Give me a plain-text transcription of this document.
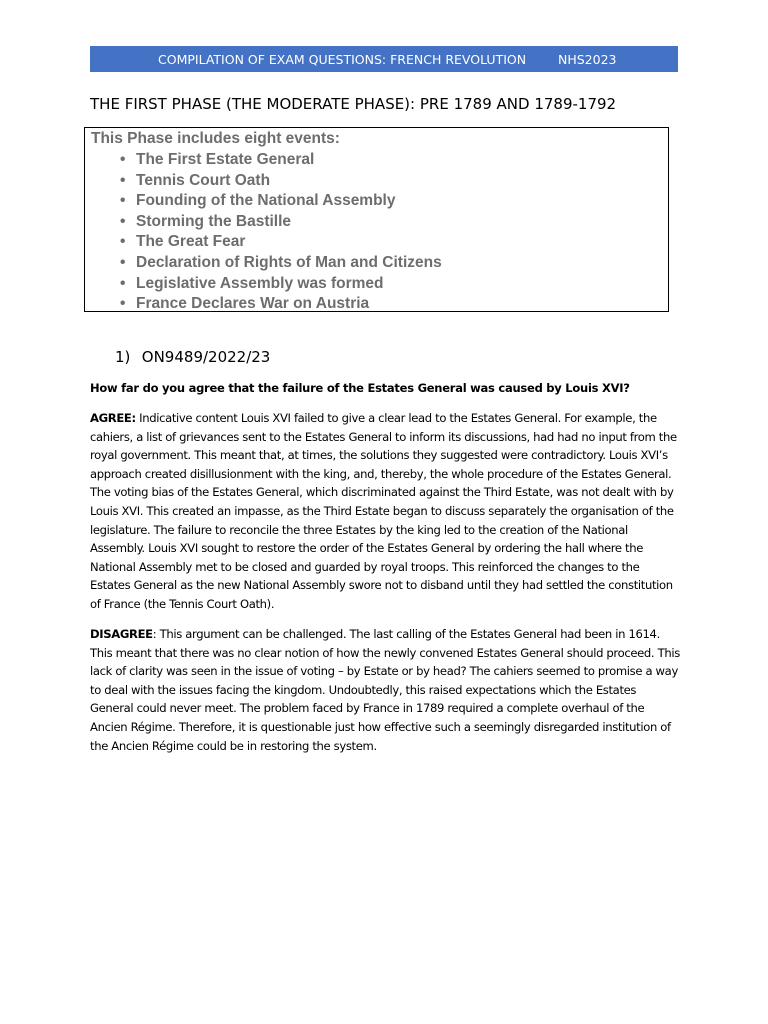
COMPILATION OF EXAM QUESTIONS: FRENCH REVOLUTION	NHS2023
THE FIRST PHASE (THE MODERATE PHASE): PRE 1789 AND 1789-1792
This Phase includes eight events:
• The First Estate General
• Tennis Court Oath
• Founding of the National Assembly
• Storming the Bastille
• The Great Fear
• Declaration of Rights of Man and Citizens
• Legislative Assembly was formed
• France Declares War on Austria
1) ON9489/2022/23
How far do you agree that the failure of the Estates General was caused by Louis XVI?

AGREE: Indicative content Louis XVI failed to give a clear lead to the Estates General. For example, the cahiers, a list of grievances sent to the Estates General to inform its discussions, had had no input from the royal government. This meant that, at times, the solutions they suggested were contradictory. Louis XVI’s approach created disillusionment with the king, and, thereby, the whole procedure of the Estates General. The voting bias of the Estates General, which discriminated against the Third Estate, was not dealt with by Louis XVI. This created an impasse, as the Third Estate began to discuss separately the organisation of the legislature. The failure to reconcile the three Estates by the king led to the creation of the National Assembly. Louis XVI sought to restore the order of the Estates General by ordering the hall where the National Assembly met to be closed and guarded by royal troops. This reinforced the changes to the Estates General as the new National Assembly swore not to disband until they had settled the constitution of France (the Tennis Court Oath).

DISAGREE: This argument can be challenged. The last calling of the Estates General had been in 1614. This meant that there was no clear notion of how the newly convened Estates General should proceed. This lack of clarity was seen in the issue of voting – by Estate or by head? The cahiers seemed to promise a way to deal with the issues facing the kingdom. Undoubtedly, this raised expectations which the Estates General could never meet. The problem faced by France in 1789 required a complete overhaul of the Ancien Régime. Therefore, it is questionable just how effective such a seemingly disregarded institution of the Ancien Régime could be in restoring the system.
